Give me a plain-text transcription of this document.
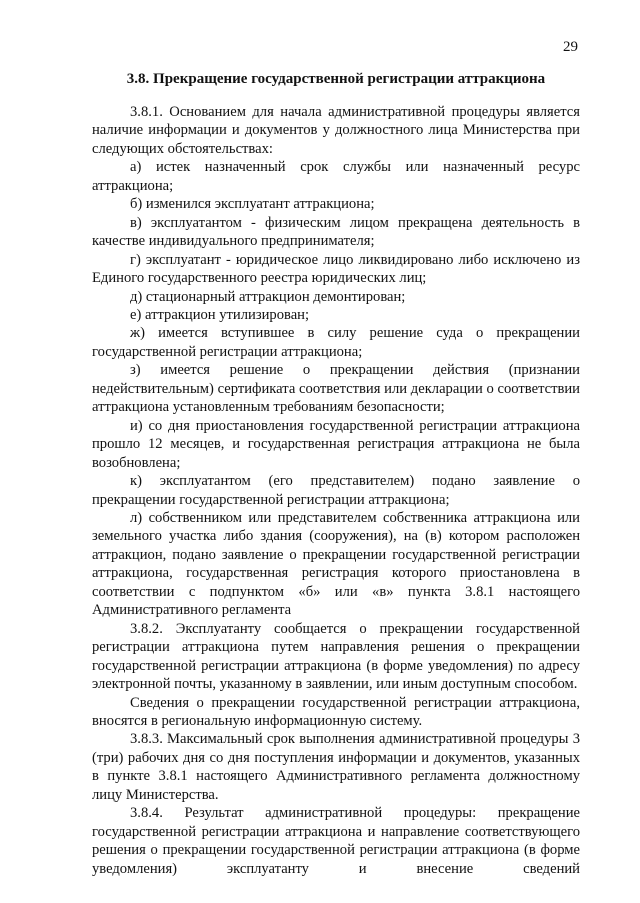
29
3.8. Прекращение государственной регистрации аттракциона

3.8.1. Основанием для начала административной процедуры является наличие информации и документов у должностного лица Министерства при следующих обстоятельствах:

а) истек назначенный срок службы или назначенный ресурс аттракциона;

б) изменился эксплуатант аттракциона;

в) эксплуатантом - физическим лицом прекращена деятельность в качестве индивидуального предпринимателя;

г) эксплуатант - юридическое лицо ликвидировано либо исключено из Единого государственного реестра юридических лиц;

д) стационарный аттракцион демонтирован;

е) аттракцион утилизирован;

ж) имеется вступившее в силу решение суда о прекращении государственной регистрации аттракциона;

з) имеется решение о прекращении действия (признании недействительным) сертификата соответствия или декларации о соответствии аттракциона установленным требованиям безопасности;

и) со дня приостановления государственной регистрации аттракциона прошло 12 месяцев, и государственная регистрация аттракциона не была возобновлена;

к) эксплуатантом (его представителем) подано заявление о прекращении государственной регистрации аттракциона;

л) собственником или представителем собственника аттракциона или земельного участка либо здания (сооружения), на (в) котором расположен аттракцион, подано заявление о прекращении государственной регистрации аттракциона, государственная регистрация которого приостановлена в соответствии с подпунктом «б» или «в» пункта 3.8.1 настоящего Административного регламента

3.8.2. Эксплуатанту сообщается о прекращении государственной регистрации аттракциона путем направления решения о прекращении государственной регистрации аттракциона (в форме уведомления) по адресу электронной почты, указанному в заявлении, или иным доступным способом.

Сведения о прекращении государственной регистрации аттракциона, вносятся в региональную информационную систему.

3.8.3. Максимальный срок выполнения административной процедуры 3 (три) рабочих дня со дня поступления информации и документов, указанных в пункте 3.8.1 настоящего Административного регламента должностному лицу Министерства.

3.8.4. Результат административной процедуры: прекращение государственной регистрации аттракциона и направление соответствующего решения о прекращении государственной регистрации аттракциона (в форме уведомления) эксплуатанту и внесение сведений
